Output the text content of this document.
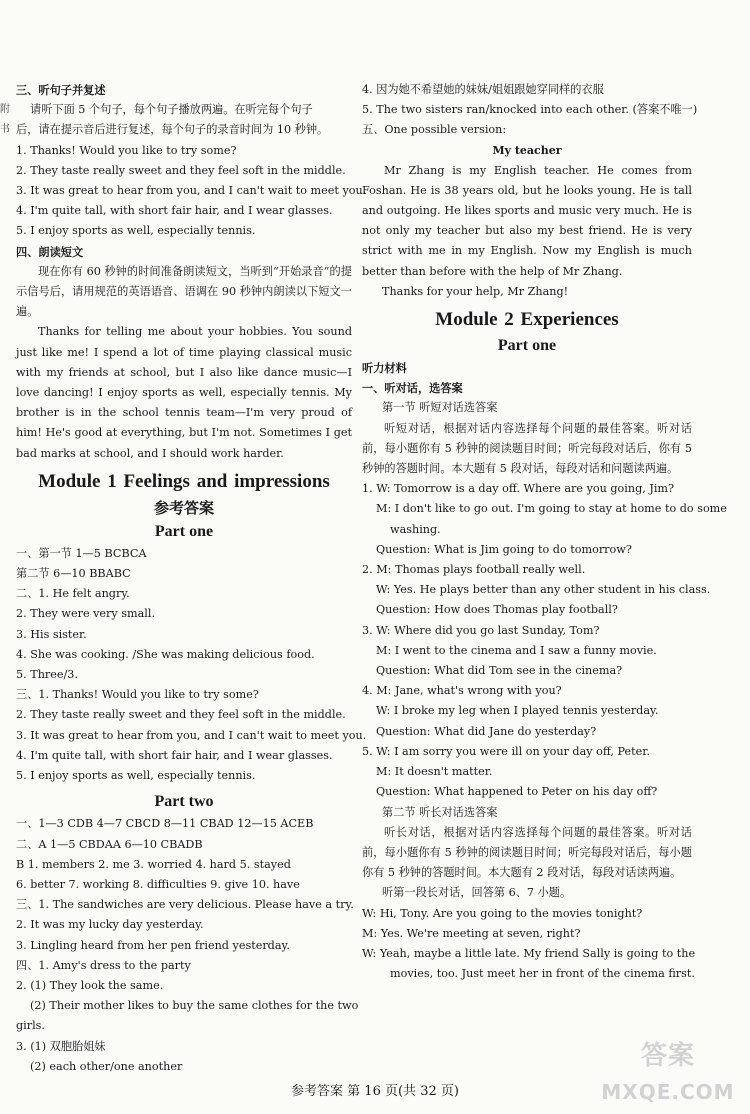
附
书
三、听句子并复述
请听下面 5 个句子，每个句子播放两遍。在听完每个句子
后，请在提示音后进行复述，每个句子的录音时间为 10 秒钟。
1. Thanks! Would you like to try some?
2. They taste really sweet and they feel soft in the middle.
3. It was great to hear from you, and I can't wait to meet you.
4. I'm quite tall, with short fair hair, and I wear glasses.
5. I enjoy sports as well, especially tennis.
四、朗读短文
现在你有 60 秒钟的时间准备朗读短文，当听到“开始录音”的提示信号后，请用规范的英语语音、语调在 90 秒钟内朗读以下短文一遍。
Thanks for telling me about your hobbies. You sound just like me! I spend a lot of time playing classical music with my friends at school, but I also like dance music—I love dancing! I enjoy sports as well, especially tennis. My brother is in the school tennis team—I'm very proud of him! He's good at everything, but I'm not. Sometimes I get bad marks at school, and I should work harder.
Module 1 Feelings and impressions
参考答案
Part one
一、第一节 1—5 BCBCA
第二节 6—10 BBABC
二、1. He felt angry.
2. They were very small.
3. His sister.
4. She was cooking. /She was making delicious food.
5. Three/3.
三、1. Thanks! Would you like to try some?
2. They taste really sweet and they feel soft in the middle.
3. It was great to hear from you, and I can't wait to meet you.
4. I'm quite tall, with short fair hair, and I wear glasses.
5. I enjoy sports as well, especially tennis.
Part two
一、1—3 CDB 4—7 CBCD 8—11 CBAD 12—15 ACEB
二、A 1—5 CBDAA 6—10 CBADB
B 1. members 2. me 3. worried 4. hard 5. stayed
6. better 7. working 8. difficulties 9. give 10. have
三、1. The sandwiches are very delicious. Please have a try.
2. It was my lucky day yesterday.
3. Lingling heard from her pen friend yesterday.
四、1. Amy's dress to the party
2. (1) They look the same.
(2) Their mother likes to buy the same clothes for the two
girls.
3. (1) 双胞胎姐妹
(2) each other/one another
4. 因为她不希望她的妹妹/姐姐跟她穿同样的衣服
5. The two sisters ran/knocked into each other. (答案不唯一)
五、One possible version:
My teacher
Mr Zhang is my English teacher. He comes from Foshan. He is 38 years old, but he looks young. He is tall and outgoing. He likes sports and music very much. He is not only my teacher but also my best friend. He is very strict with me in my English. Now my English is much better than before with the help of Mr Zhang.
Thanks for your help, Mr Zhang!
Module 2 Experiences
Part one
听力材料
一、听对话，选答案
第一节 听短对话选答案
听短对话，根据对话内容选择每个问题的最佳答案。听对话前，每小题你有 5 秒钟的阅读题目时间；听完每段对话后，你有 5 秒钟的答题时间。本大题有 5 段对话，每段对话和问题读两遍。
1. W: Tomorrow is a day off. Where are you going, Jim?
M: I don't like to go out. I'm going to stay at home to do some
washing.
Question: What is Jim going to do tomorrow?
2. M: Thomas plays football really well.
W: Yes. He plays better than any other student in his class.
Question: How does Thomas play football?
3. W: Where did you go last Sunday, Tom?
M: I went to the cinema and I saw a funny movie.
Question: What did Tom see in the cinema?
4. M: Jane, what's wrong with you?
W: I broke my leg when I played tennis yesterday.
Question: What did Jane do yesterday?
5. W: I am sorry you were ill on your day off, Peter.
M: It doesn't matter.
Question: What happened to Peter on his day off?
第二节 听长对话选答案
听长对话，根据对话内容选择每个问题的最佳答案。听对话前，每小题你有 5 秒钟的阅读题目时间；听完每段对话后，每小题你有 5 秒钟的答题时间。本大题有 2 段对话，每段对话读两遍。
听第一段长对话，回答第 6、7 小题。
W: Hi, Tony. Are you going to the movies tonight?
M: Yes. We're meeting at seven, right?
W: Yeah, maybe a little late. My friend Sally is going to the
movies, too. Just meet her in front of the cinema first.
参考答案 第 16 页(共 32 页)
答案
MXQE.COM
